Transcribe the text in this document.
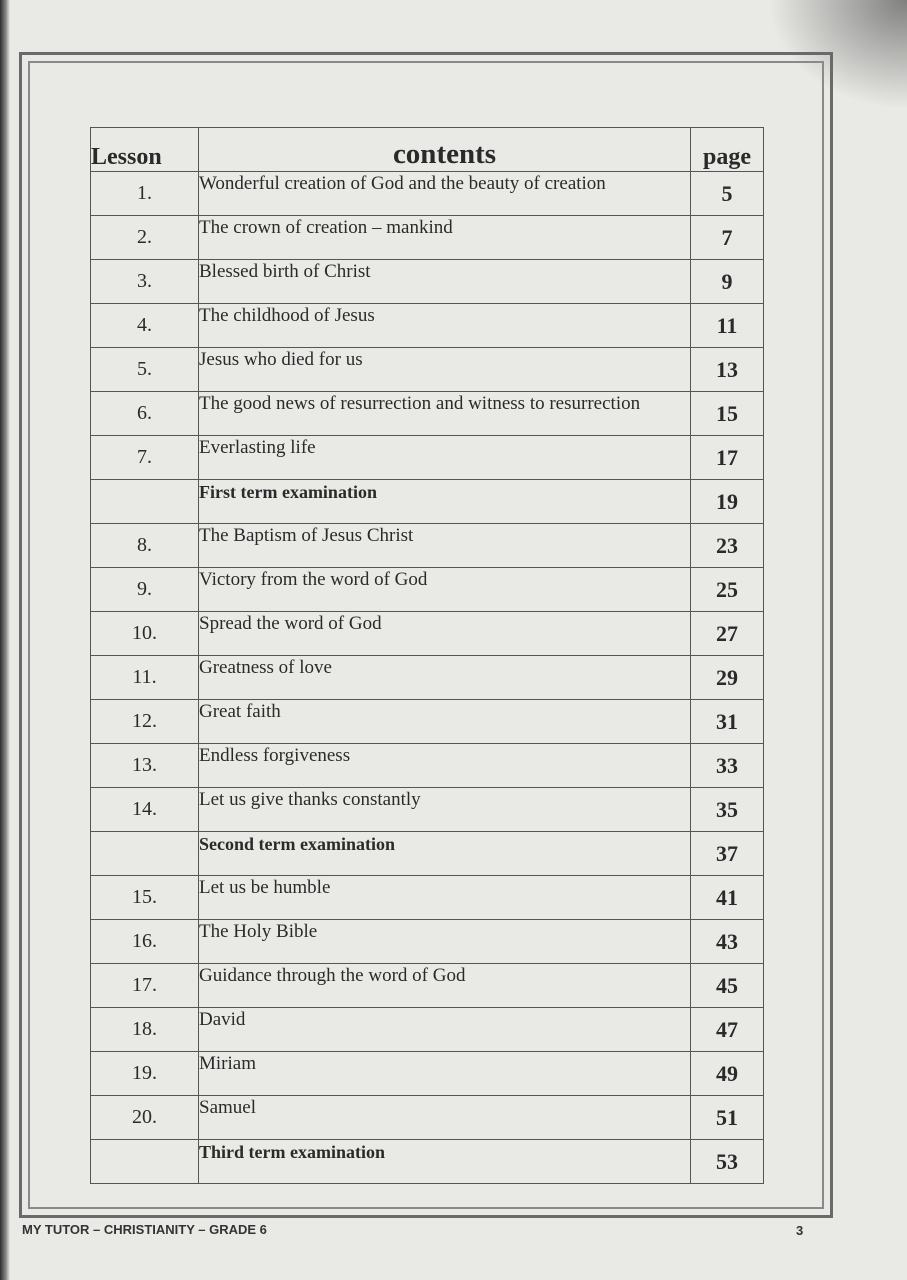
Lesson	contents	page
1.	Wonderful creation of God and the beauty of creation	5
2.	The crown of creation – mankind	7
3.	Blessed birth of Christ	9
4.	The childhood of Jesus	11
5.	Jesus who died for us	13
6.	The good news of resurrection and witness to resurrection	15
7.	Everlasting life	17
	First term examination	19
8.	The Baptism of Jesus Christ	23
9.	Victory from the word of God	25
10.	Spread the word of God	27
11.	Greatness of love	29
12.	Great faith	31
13.	Endless forgiveness	33
14.	Let us give thanks constantly	35
	Second term examination	37
15.	Let us be humble	41
16.	The Holy Bible	43
17.	Guidance through the word of God	45
18.	David	47
19.	Miriam	49
20.	Samuel	51
	Third term examination	53
MY TUTOR – CHRISTIANITY – GRADE 6	3
